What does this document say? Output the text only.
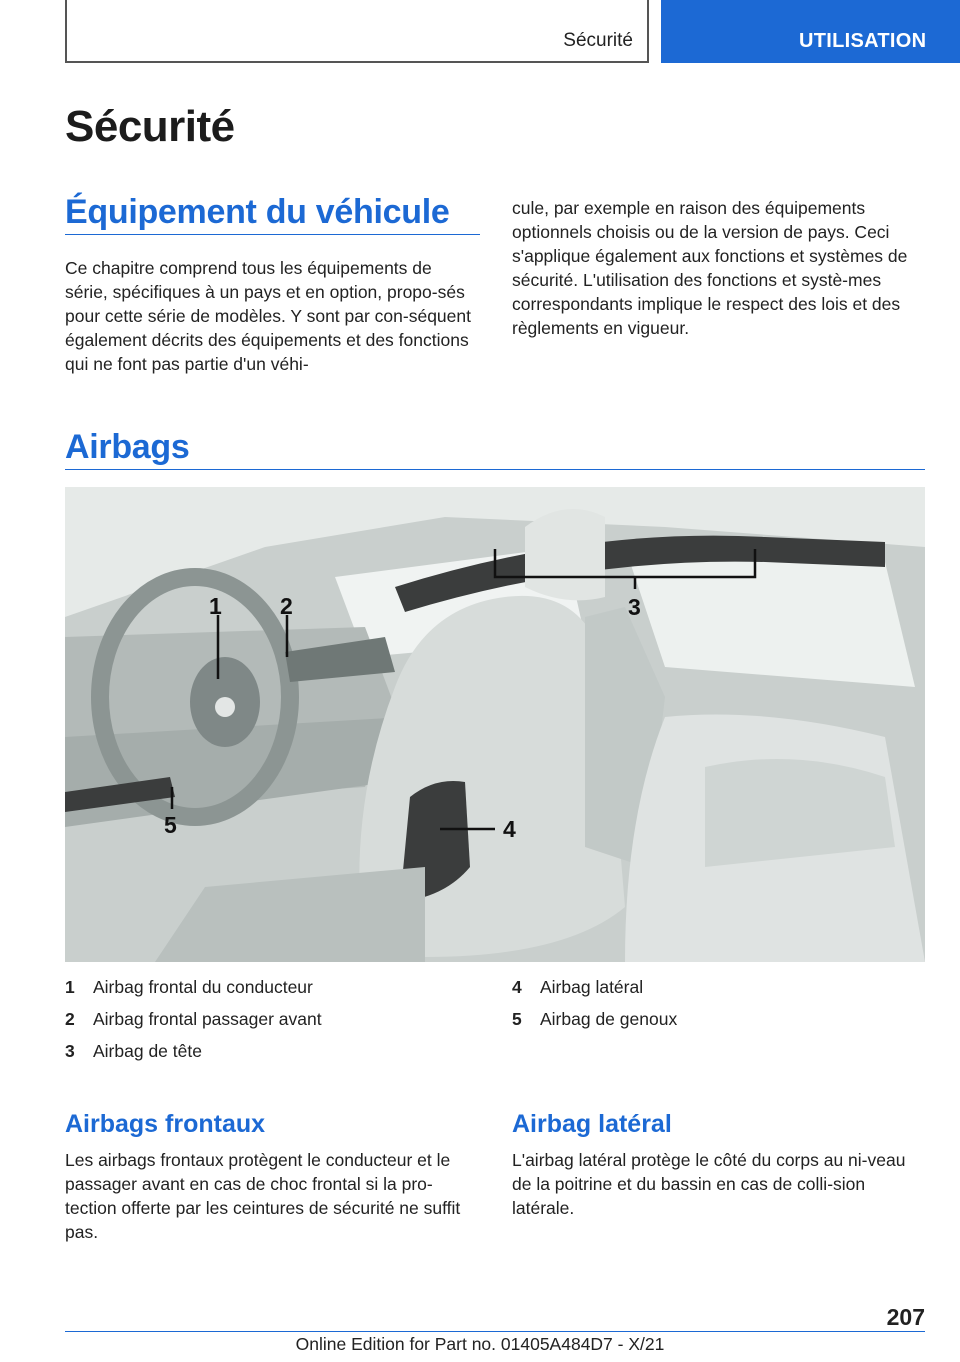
Sécurité	UTILISATION
Sécurité
Équipement du véhicule

Ce chapitre comprend tous les équipements de série, spécifiques à un pays et en option, propo‐sés pour cette série de modèles. Y sont par con‐séquent également décrits des équipements et des fonctions qui ne font pas partie d'un véhi‐

cule, par exemple en raison des équipements optionnels choisis ou de la version de pays. Ceci s'applique également aux fonctions et systèmes de sécurité. L'utilisation des fonctions et systè‐mes correspondants implique le respect des lois et des règlements en vigueur.

Airbags
1	2	3
4
5
1 Airbag frontal du conducteur
2 Airbag frontal passager avant
3 Airbag de tête
4 Airbag latéral
5 Airbag de genoux
Airbags frontaux

Les airbags frontaux protègent le conducteur et le passager avant en cas de choc frontal si la pro‐tection offerte par les ceintures de sécurité ne suffit pas.

Airbag latéral

L'airbag latéral protège le côté du corps au ni‐veau de la poitrine et du bassin en cas de colli‐sion latérale.

207
Online Edition for Part no. 01405A484D7 - X/21
